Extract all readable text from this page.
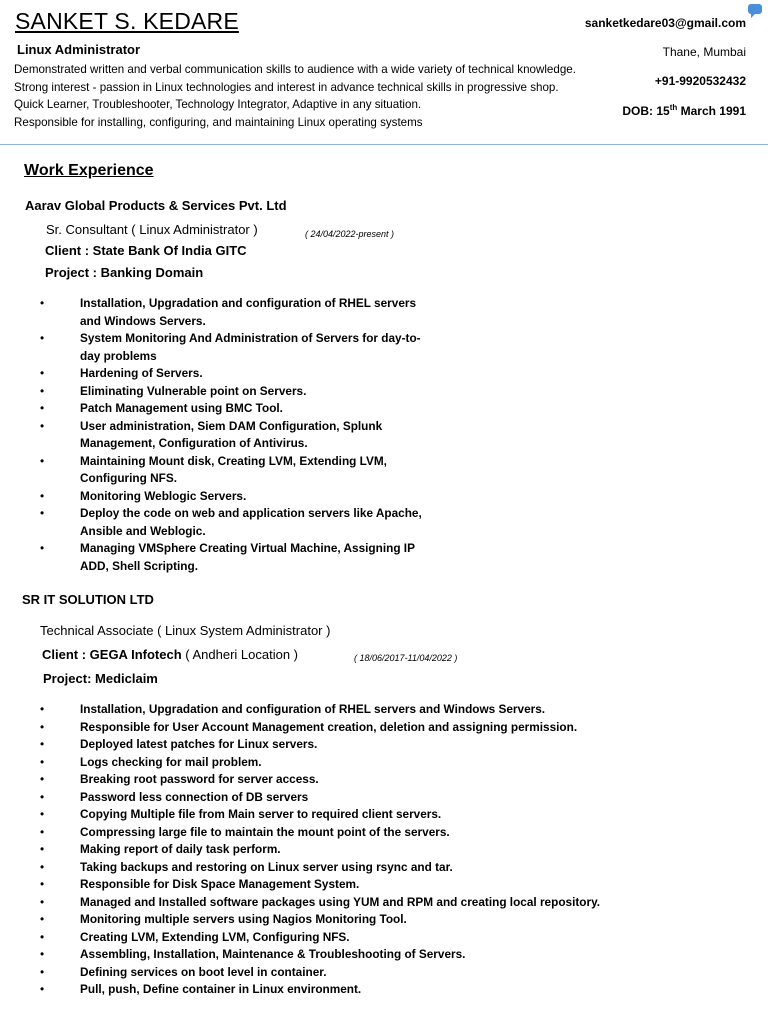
SANKET S. KEDARE
Linux Administrator
Demonstrated written and verbal communication skills to audience with a wide variety of technical knowledge.
Strong interest - passion in Linux technologies and interest in advance technical skills in progressive shop.
Quick Learner, Troubleshooter, Technology Integrator, Adaptive in any situation.
Responsible for installing, configuring, and maintaining Linux operating systems
sanketkedare03@gmail.com
Thane, Mumbai
+91-9920532432
DOB: 15th March 1991
Work Experience
Aarav Global Products & Services Pvt. Ltd
Sr. Consultant ( Linux Administrator )	( 24/04/2022-present )
Client : State Bank Of India GITC
Project : Banking Domain
•	Installation, Upgradation and configuration of RHEL servers and Windows Servers.
•	System Monitoring And Administration of Servers for day-to-day problems
•	Hardening of Servers.
•	Eliminating Vulnerable point on Servers.
•	Patch Management using BMC Tool.
•	User administration, Siem DAM Configuration, Splunk Management, Configuration of Antivirus.
•	Maintaining Mount disk, Creating LVM, Extending LVM, Configuring NFS.
•	Monitoring Weblogic Servers.
•	Deploy the code on web and application servers like Apache, Ansible and Weblogic.
•	Managing VMSphere Creating Virtual Machine, Assigning IP ADD, Shell Scripting.
SR IT SOLUTION LTD
Technical Associate ( Linux System Administrator )
Client : GEGA Infotech ( Andheri Location )	( 18/06/2017-11/04/2022 )
Project: Mediclaim
•	Installation, Upgradation and configuration of RHEL servers and Windows Servers.
•	Responsible for User Account Management creation, deletion and assigning permission.
•	Deployed latest patches for Linux servers.
•	Logs checking for mail problem.
•	Breaking root password for server access.
•	Password less connection of DB servers
•	Copying Multiple file from Main server to required client servers.
•	Compressing large file to maintain the mount point of the servers.
•	Making report of daily task perform.
•	Taking backups and restoring on Linux server using rsync and tar.
•	Responsible for Disk Space Management System.
•	Managed and Installed software packages using YUM and RPM and creating local repository.
•	Monitoring multiple servers using Nagios Monitoring Tool.
•	Creating LVM, Extending LVM, Configuring NFS.
•	Assembling, Installation, Maintenance & Troubleshooting of Servers.
•	Defining services on boot level in container.
•	Pull, push, Define container in Linux environment.
